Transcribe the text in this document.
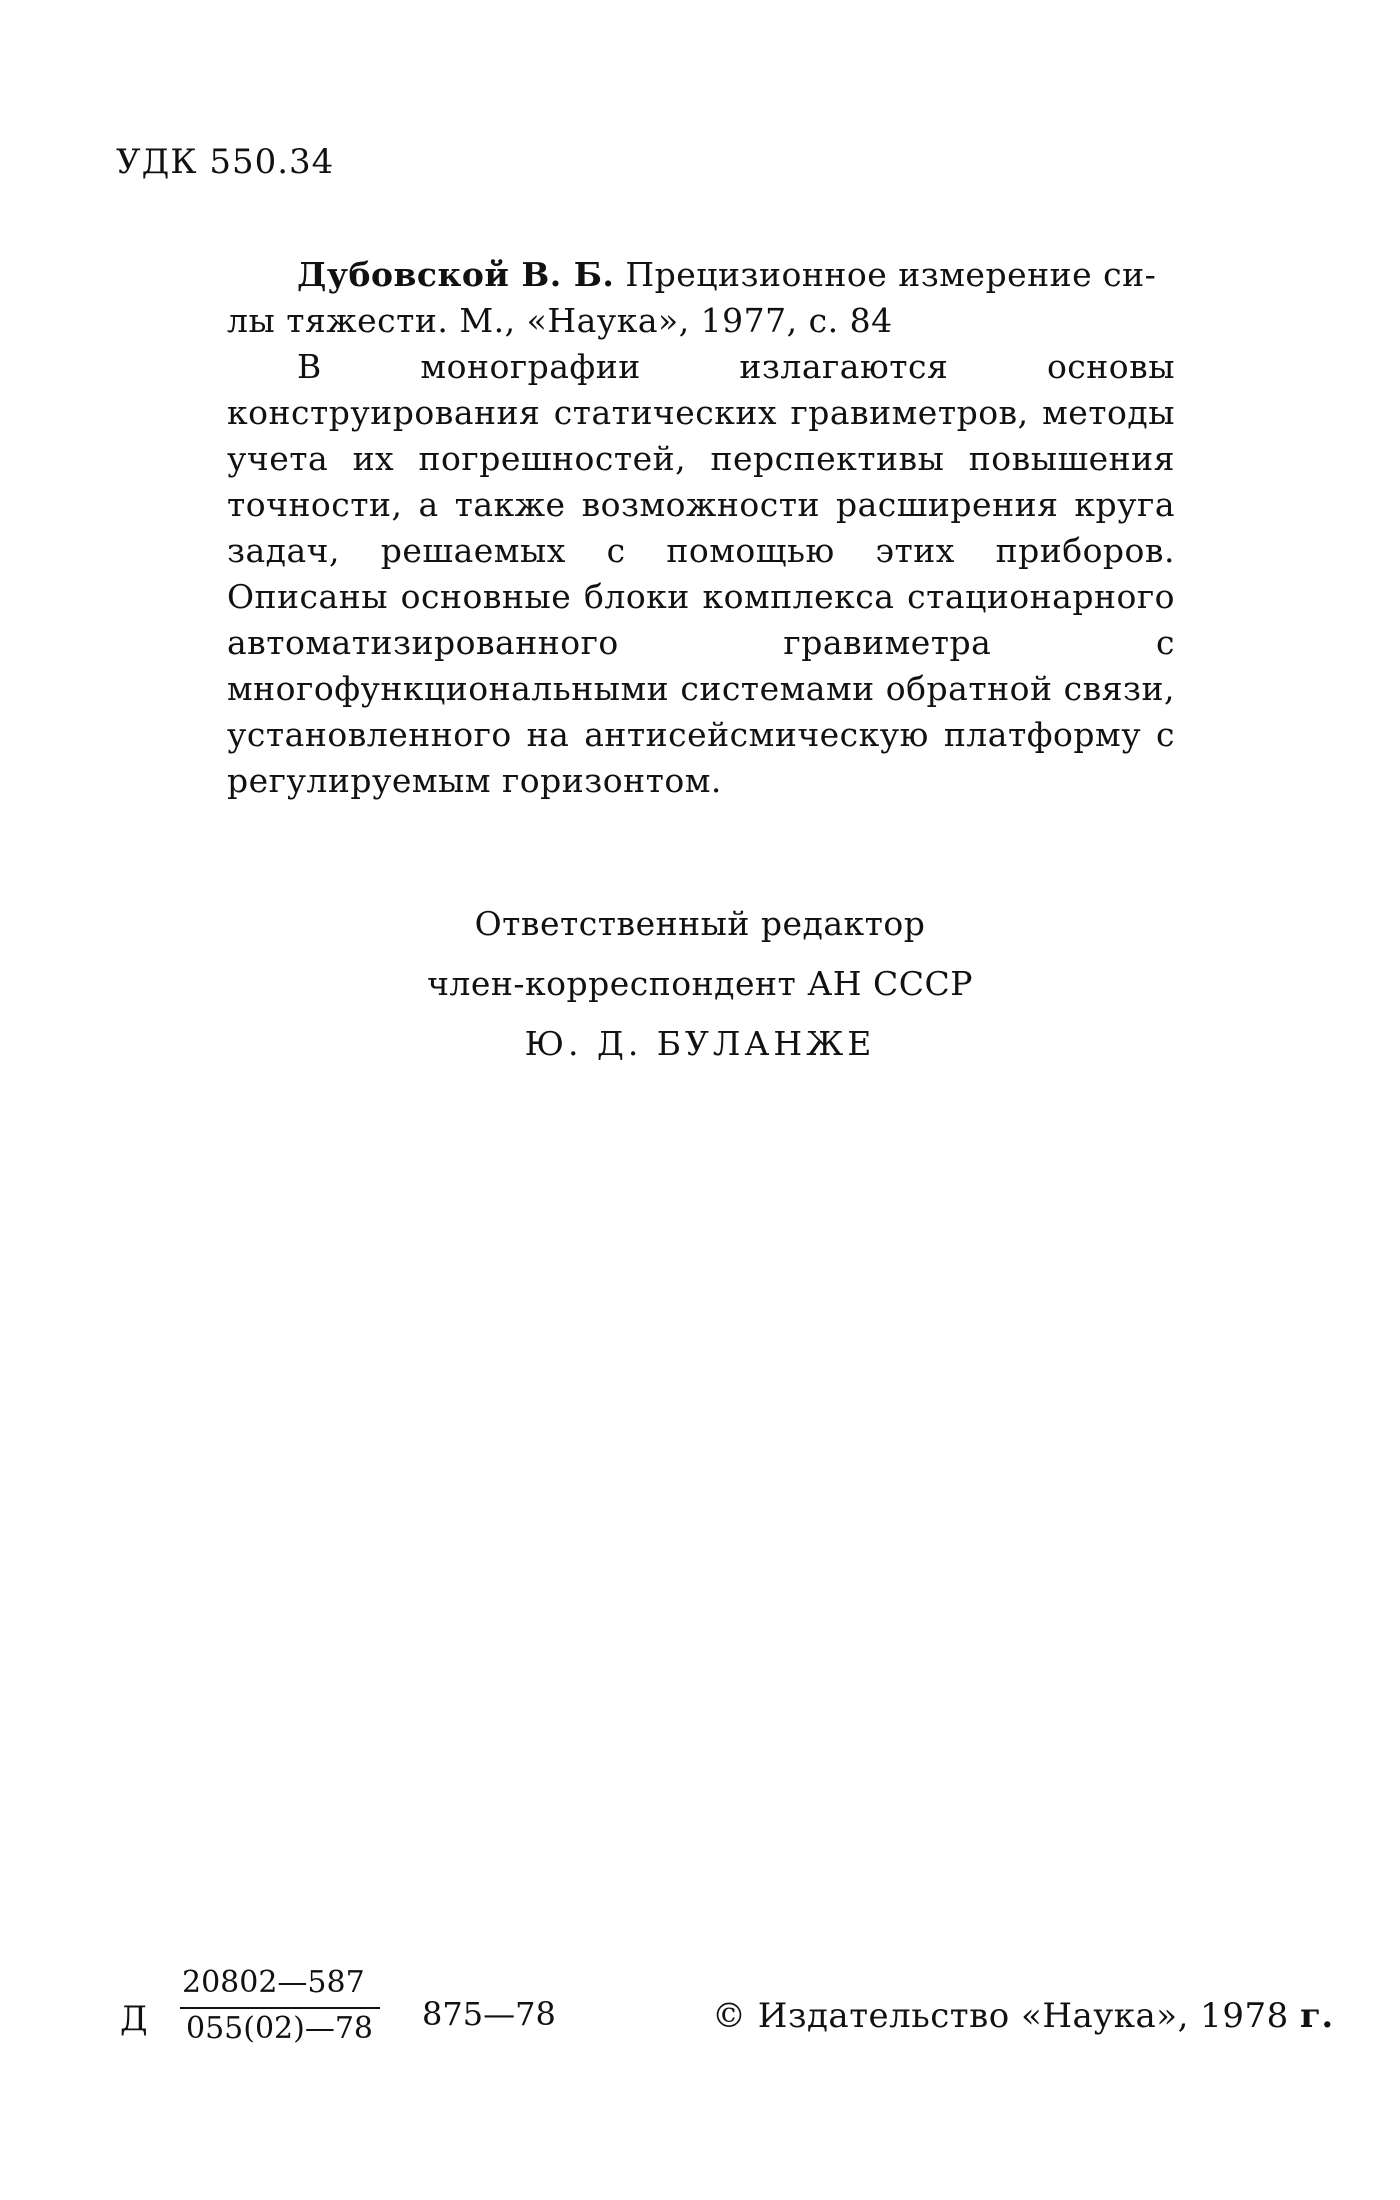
УДК 550.34

Дубовской В. Б. Прецизионное измерение силы тяжести. М., «Наука», 1977, с. 84

В монографии излагаются основы конструирования статических гравиметров, методы учета их погрешностей, перспективы повышения точности, а также возможности расширения круга задач, решаемых с помощью этих приборов. Описаны основные блоки комплекса стационарного автоматизированного гравиметра с многофункциональными системами обратной связи, установленного на антисейсмическую платформу с регулируемым горизонтом.

Ответственный редактор
член-корреспондент АН СССР
Ю. Д. БУЛАНЖЕ
Д
20802—587
055(02)—78 875—78	© Издательство «Наука», 1978 г.
